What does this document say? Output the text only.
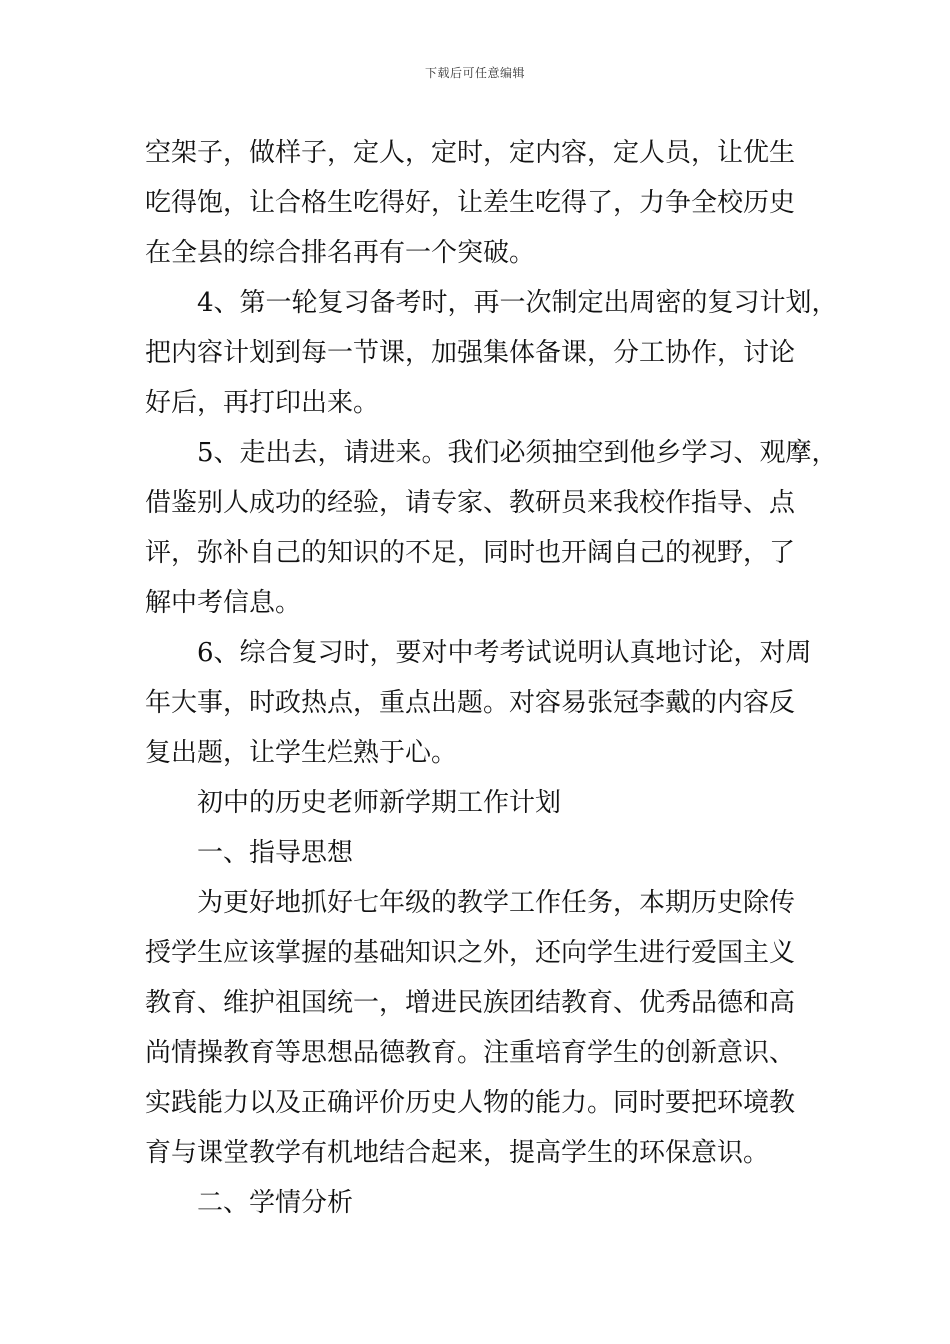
下载后可任意编辑
空架子，做样子，定人，定时，定内容，定人员，让优生
吃得饱，让合格生吃得好，让差生吃得了，力争全校历史
在全县的综合排名再有一个突破。
4、第一轮复习备考时，再一次制定出周密的复习计划，
把内容计划到每一节课，加强集体备课，分工协作，讨论
好后，再打印出来。
5、走出去，请进来。我们必须抽空到他乡学习、观摩，
借鉴别人成功的经验，请专家、教研员来我校作指导、点
评，弥补自己的知识的不足，同时也开阔自己的视野，了
解中考信息。
6、综合复习时，要对中考考试说明认真地讨论，对周
年大事，时政热点，重点出题。对容易张冠李戴的内容反
复出题，让学生烂熟于心。
初中的历史老师新学期工作计划
一、指导思想
为更好地抓好七年级的教学工作任务，本期历史除传
授学生应该掌握的基础知识之外，还向学生进行爱国主义
教育、维护祖国统一，增进民族团结教育、优秀品德和高
尚情操教育等思想品德教育。注重培育学生的创新意识、
实践能力以及正确评价历史人物的能力。同时要把环境教
育与课堂教学有机地结合起来，提高学生的环保意识。
二、学情分析
